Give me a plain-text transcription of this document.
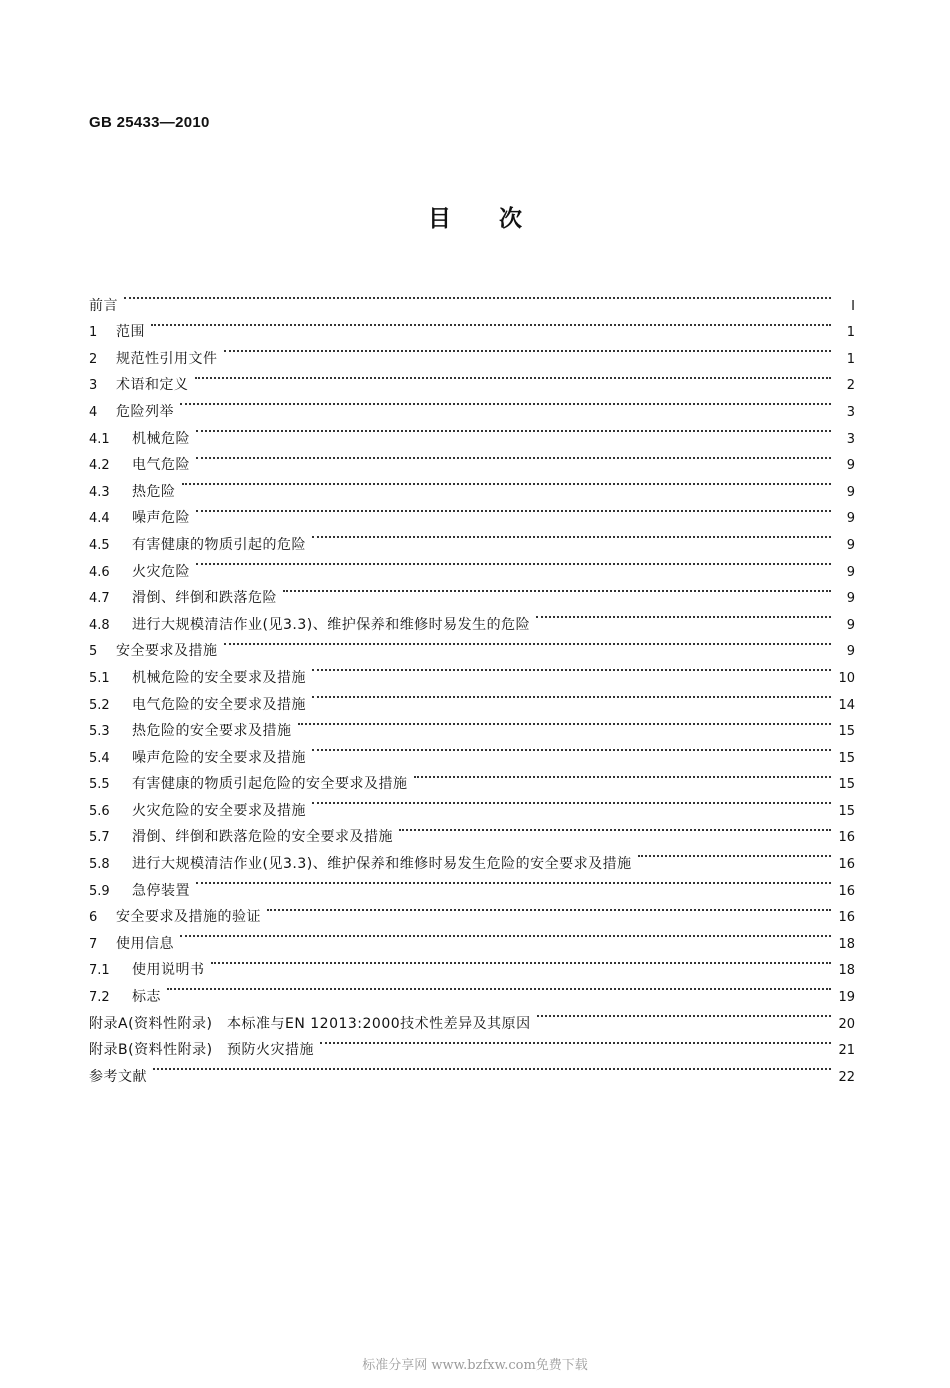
GB 25433—2010
目次
前言	I
1	范围	1
2	规范性引用文件	1
3	术语和定义	2
4	危险列举	3
4.1	机械危险	3
4.2	电气危险	9
4.3	热危险	9
4.4	噪声危险	9
4.5	有害健康的物质引起的危险	9
4.6	火灾危险	9
4.7	滑倒、绊倒和跌落危险	9
4.8	进行大规模清洁作业(见3.3)、维护保养和维修时易发生的危险	9
5	安全要求及措施	9
5.1	机械危险的安全要求及措施	10
5.2	电气危险的安全要求及措施	14
5.3	热危险的安全要求及措施	15
5.4	噪声危险的安全要求及措施	15
5.5	有害健康的物质引起危险的安全要求及措施	15
5.6	火灾危险的安全要求及措施	15
5.7	滑倒、绊倒和跌落危险的安全要求及措施	16
5.8	进行大规模清洁作业(见3.3)、维护保养和维修时易发生危险的安全要求及措施	16
5.9	急停装置	16
6	安全要求及措施的验证	16
7	使用信息	18
7.1	使用说明书	18
7.2	标志	19
附录A(资料性附录)　本标准与EN 12013:2000技术性差异及其原因	20
附录B(资料性附录)　预防火灾措施	21
参考文献	22
标准分享网 www.bzfxw.com免费下载
